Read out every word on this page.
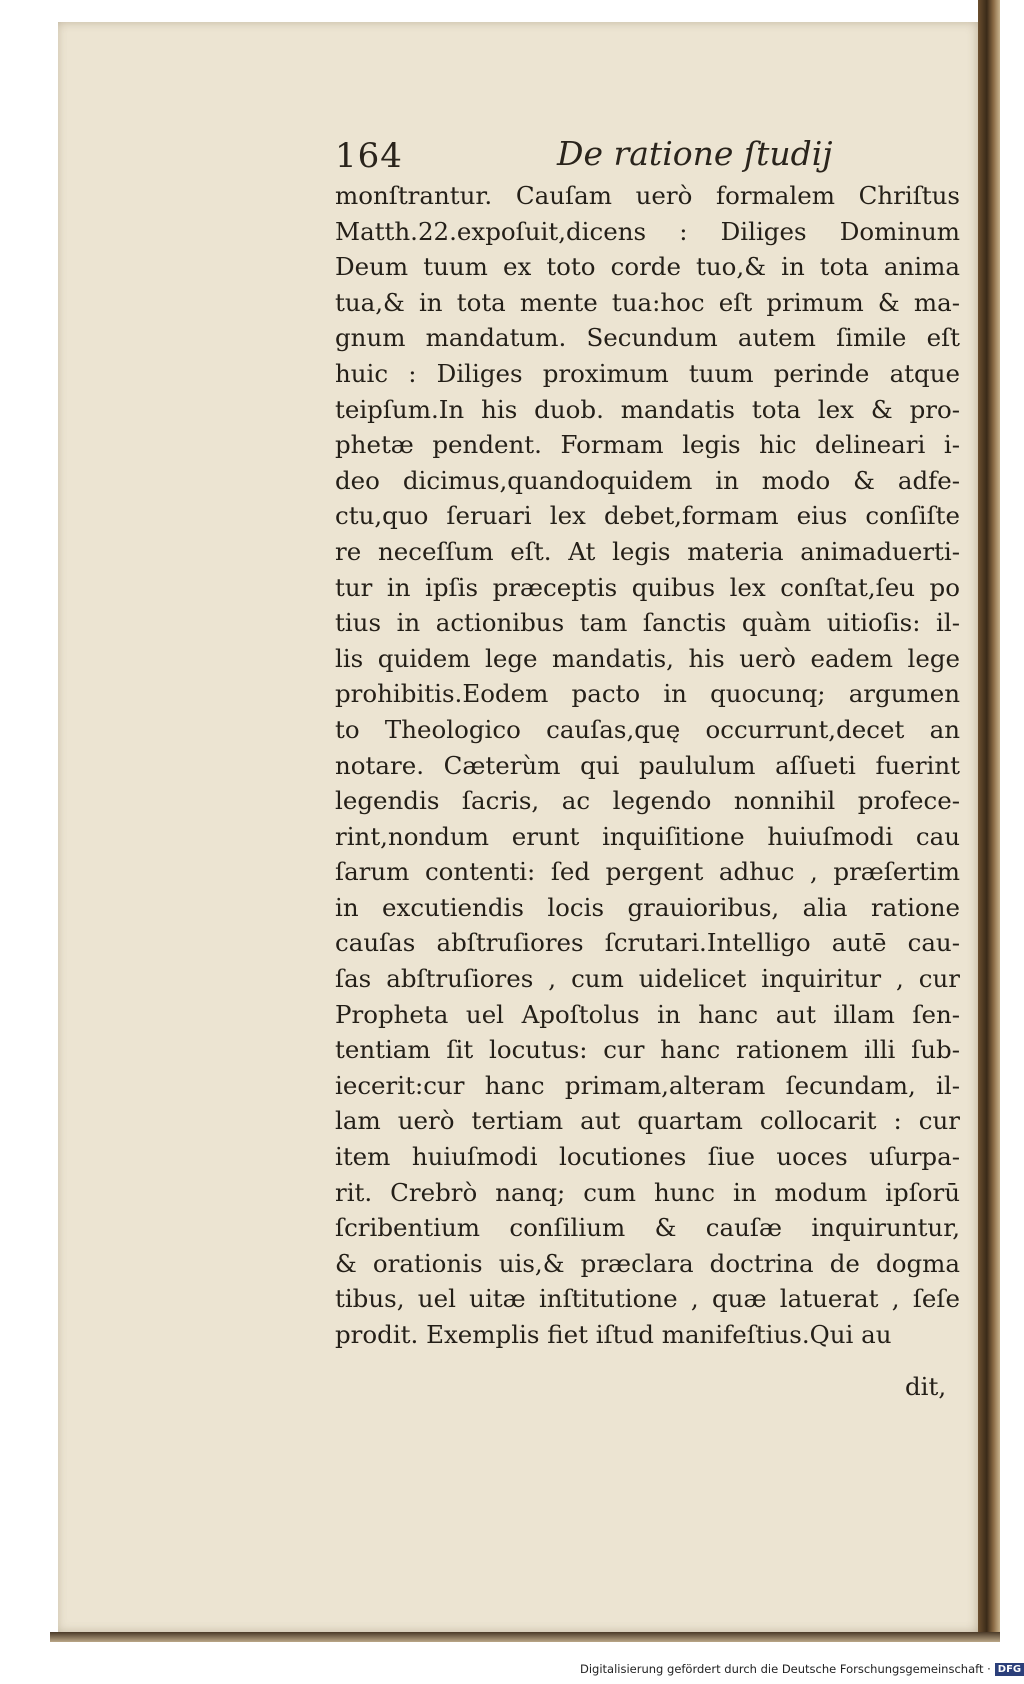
164	De ratione ſtudij
monſtrantur. Cauſam uerò formalem Chriſtus
Matth.22.expoſuit,dicens : Diliges Dominum
Deum tuum ex toto corde tuo,& in tota anima
tua,& in tota mente tua:hoc eſt primum & ma-
gnum mandatum. Secundum autem ſimile eſt
huic : Diliges proximum tuum perinde atque
teipſum.In his duob. mandatis tota lex & pro-
phetæ pendent. Formam legis hic delineari i-
deo dicimus,quandoquidem in modo & adfe-
ctu,quo ſeruari lex debet,formam eius conſiſte
re neceſſum eſt. At legis materia animaduerti-
tur in ipſis præceptis quibus lex conſtat,ſeu po
tius in actionibus tam ſanctis quàm uitioſis: il-
lis quidem lege mandatis, his uerò eadem lege
prohibitis.Eodem pacto in quocunq; argumen
to Theologico cauſas,quę occurrunt,decet an
notare. Cæterùm qui paululum aſſueti fuerint
legendis ſacris, ac legendo nonnihil profece-
rint,nondum erunt inquiſitione huiuſmodi cau
ſarum contenti: ſed pergent adhuc , præſertim
in excutiendis locis grauioribus, alia ratione
cauſas abſtruſiores ſcrutari.Intelligo autē cau-
ſas abſtruſiores , cum uidelicet inquiritur , cur
Propheta uel Apoſtolus in hanc aut illam ſen-
tentiam ſit locutus: cur hanc rationem illi ſub-
iecerit:cur hanc primam,alteram ſecundam, il-
lam uerò tertiam aut quartam collocarit : cur
item huiuſmodi locutiones ſiue uoces uſurpa-
rit. Crebrò nanq; cum hunc in modum ipſorū
ſcribentium conſilium & cauſæ inquiruntur,
& orationis uis,& præclara doctrina de dogma
tibus, uel uitæ inſtitutione , quæ latuerat , ſeſe
prodit. Exemplis fiet iſtud manifeſtius.Qui au
dit,
Digitalisierung gefördert durch die Deutsche Forschungsgemeinschaft · DFG
